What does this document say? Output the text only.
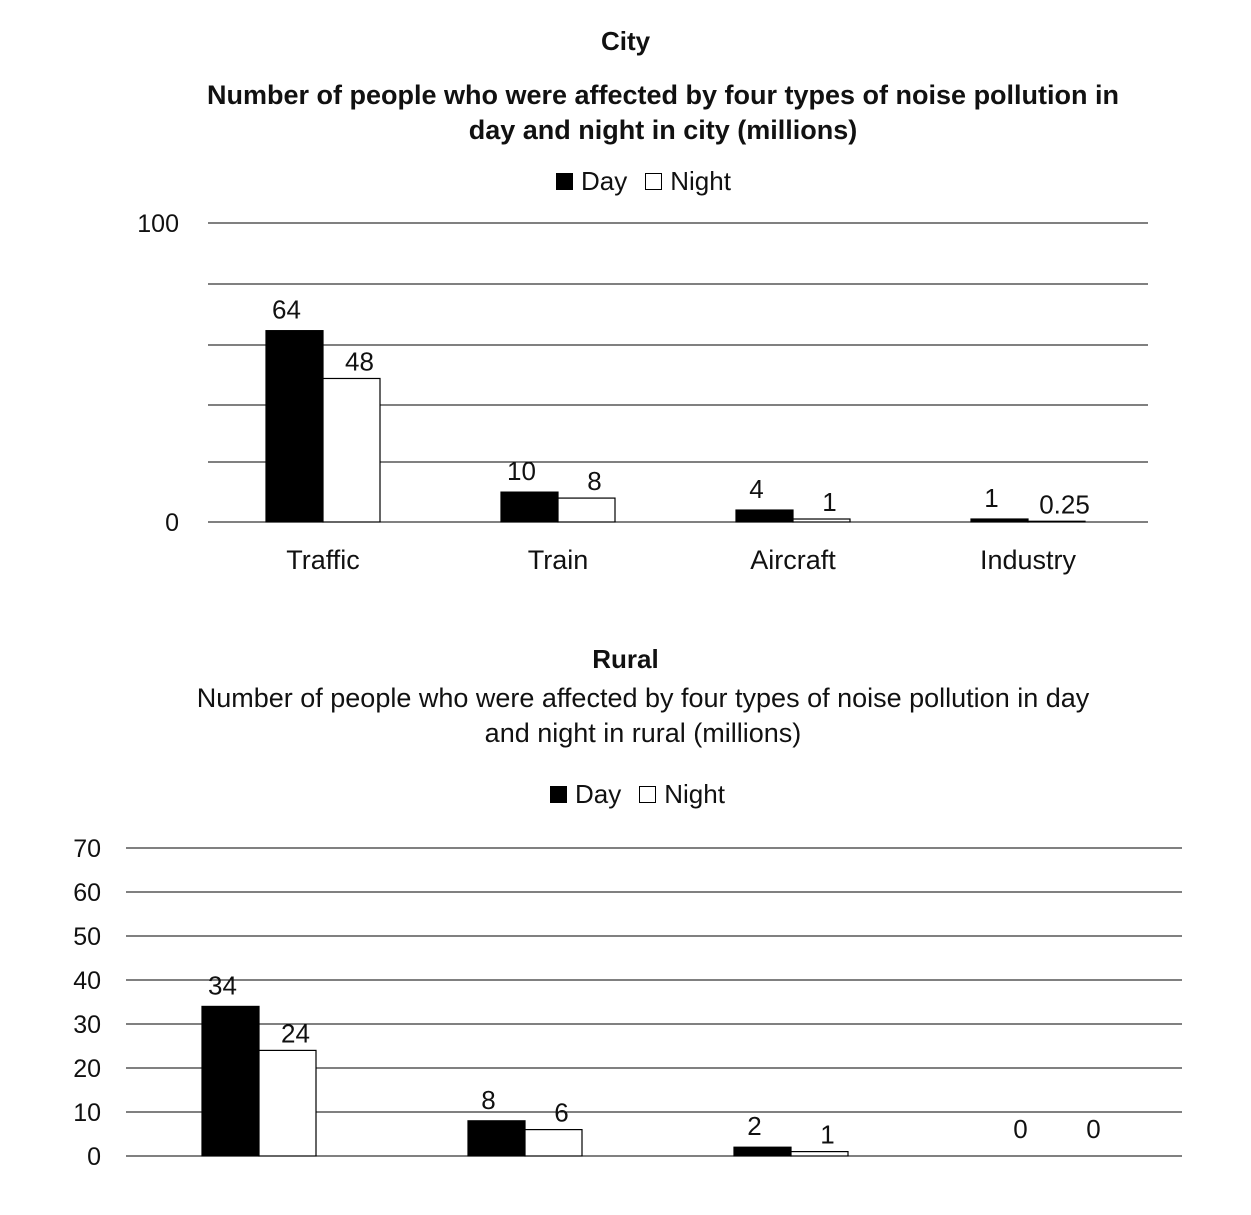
City
Number of people who were affected by four types of noise pollution in day and night in city (millions)
Day Night
100
0
64
48
Traffic
10 8
Train
4 1
Aircraft
1 0.25
Industry
Rural
Number of people who were affected by four types of noise pollution in day and night in rural (millions)
Day Night
70
60
50
40
30
20
10
0
34
24
8 6	2 1	0 0
